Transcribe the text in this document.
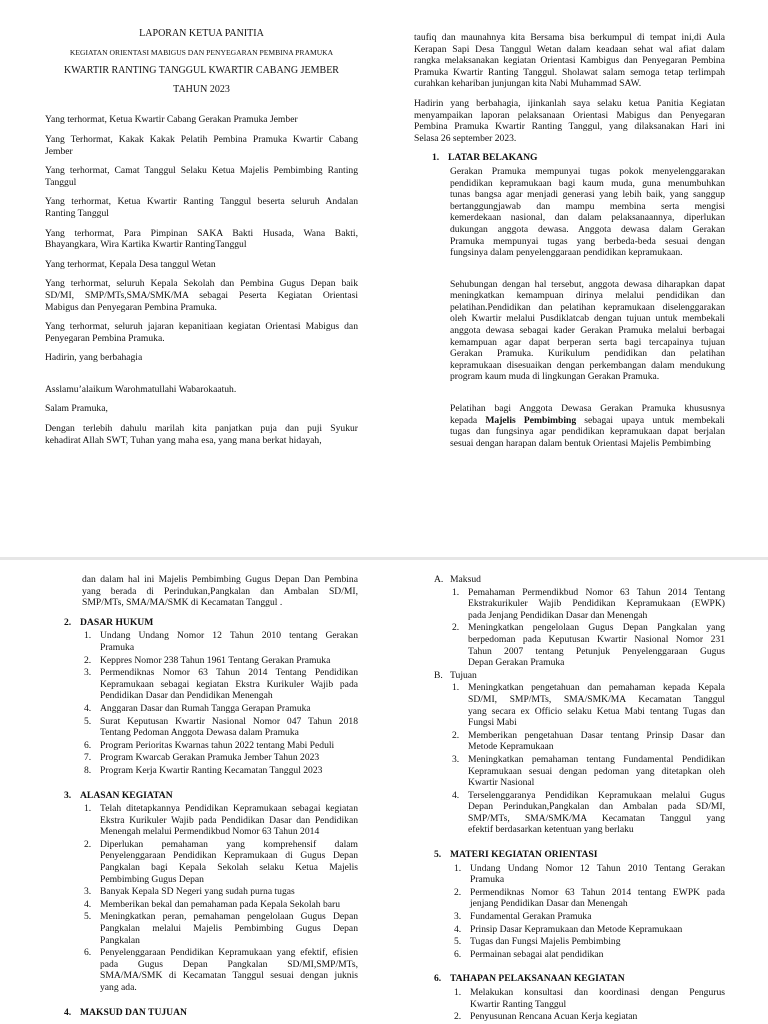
LAPORAN KETUA PANITIA
KEGIATAN ORIENTASI MABIGUS DAN PENYEGARAN PEMBINA PRAMUKA
KWARTIR RANTING TANGGUL KWARTIR CABANG JEMBER
TAHUN 2023
Yang terhormat, Ketua Kwartir Cabang Gerakan Pramuka Jember
Yang Terhormat, Kakak Kakak Pelatih Pembina Pramuka Kwartir Cabang
Jember
Yang terhormat, Camat Tanggul Selaku Ketua Majelis Pembimbing Ranting
Tanggul
Yang terhormat, Ketua Kwartir Ranting Tanggul beserta seluruh Andalan
Ranting Tanggul
Yang terhormat, Para Pimpinan SAKA Bakti Husada, Wana Bakti,
Bhayangkara, Wira Kartika Kwartir RantingTanggul
Yang terhormat, Kepala Desa tanggul Wetan
Yang terhormat, seluruh Kepala Sekolah dan Pembina Gugus Depan baik
SD/MI, SMP/MTs,SMA/SMK/MA sebagai Peserta Kegiatan Orientasi
Mabigus dan Penyegaran Pembina Pramuka.
Yang terhormat, seluruh jajaran kepanitiaan kegiatan Orientasi Mabigus dan
Penyegaran Pembina Pramuka.
Hadirin, yang berbahagia
Asslamu’alaikum Warohmatullahi Wabarokaatuh.
Salam Pramuka,
Dengan terlebih dahulu marilah kita panjatkan puja dan puji Syukur
kehadirat Allah SWT, Tuhan yang maha esa, yang mana berkat hidayah,
taufiq dan maunahnya kita Bersama bisa berkumpul di tempat ini,di Aula
Kerapan Sapi Desa Tanggul Wetan dalam keadaan sehat wal afiat dalam
rangka melaksanakan kegiatan Orientasi Kambigus dan Penyegaran Pembina
Pramuka Kwartir Ranting Tanggul. Sholawat salam semoga tetap terlimpah
curahkan kehariban junjungan kita Nabi Muhammad SAW.
Hadirin yang berbahagia, ijinkanlah saya selaku ketua Panitia Kegiatan
menyampaikan laporan pelaksanaan Orientasi Mabigus dan Penyegaran
Pembina Pramuka Kwartir Ranting Tanggul, yang dilaksanakan Hari ini
Selasa 26 september 2023.
1. LATAR BELAKANG
Gerakan Pramuka mempunyai tugas pokok menyelenggarakan
pendidikan kepramukaan bagi kaum muda, guna menumbuhkan
tunas bangsa agar menjadi generasi yang lebih baik, yang sanggup
bertanggungjawab dan mampu membina serta mengisi
kemerdekaan nasional, dan dalam pelaksanaannya, diperlukan
dukungan anggota dewasa. Anggota dewasa dalam Gerakan
Pramuka mempunyai tugas yang berbeda-beda sesuai dengan
fungsinya dalam penyelenggaraan pendidikan kepramukaan.
Sehubungan dengan hal tersebut, anggota dewasa diharapkan dapat
meningkatkan kemampuan dirinya melalui pendidikan dan
pelatihan.Pendidikan dan pelatihan kepramukaan diselenggarakan
oleh Kwartir melalui Pusdiklatcab dengan tujuan untuk membekali
anggota dewasa sebagai kader Gerakan Pramuka melalui berbagai
kemampuan agar dapat berperan serta bagi tercapainya tujuan
Gerakan Pramuka. Kurikulum pendidikan dan pelatihan
kepramukaan disesuaikan dengan perkembangan dalam mendukung
program kaum muda di lingkungan Gerakan Pramuka.
Pelatihan bagi Anggota Dewasa Gerakan Pramuka khususnya
kepada Majelis Pembimbing sebagai upaya untuk membekali
tugas dan fungsinya agar pendidikan kepramukaan dapat berjalan
sesuai dengan harapan dalam bentuk Orientasi Majelis Pembimbing
dan dalam hal ini Majelis Pembimbing Gugus Depan Dan Pembina
yang berada di Perindukan,Pangkalan dan Ambalan SD/MI,
SMP/MTs, SMA/MA/SMK di Kecamatan Tanggul .
2. DASAR HUKUM
1. Undang Undang Nomor 12 Tahun 2010 tentang Gerakan
Pramuka
2. Keppres Nomor 238 Tahun 1961 Tentang Gerakan Pramuka
3. Permendiknas Nomor 63 Tahun 2014 Tentang Pendidikan
Kepramukaan sebagai kegiatan Ekstra Kurikuler Wajib pada
Pendidikan Dasar dan Pendidikan Menengah
4. Anggaran Dasar dan Rumah Tangga Gerapan Pramuka
5. Surat Keputusan Kwartir Nasional Nomor 047 Tahun 2018
Tentang Pedoman Anggota Dewasa dalam Pramuka
6. Program Perioritas Kwarnas tahun 2022 tentang Mabi Peduli
7. Program Kwarcab Gerakan Pramuka Jember Tahun 2023
8. Program Kerja Kwartir Ranting Kecamatan Tanggul 2023
3. ALASAN KEGIATAN
1. Telah ditetapkannya Pendidikan Kepramukaan sebagai kegiatan
Ekstra Kurikuler Wajib pada Pendidikan Dasar dan Pendidikan
Menengah melalui Permendikbud Nomor 63 Tahun 2014
2. Diperlukan pemahaman yang komprehensif dalam
Penyelenggaraan Pendidikan Kepramukaan di Gugus Depan
Pangkalan bagi Kepala Sekolah selaku Ketua Majelis
Pembimbing Gugus Depan
3. Banyak Kepala SD Negeri yang sudah purna tugas
4. Memberikan bekal dan pemahaman pada Kepala Sekolah baru
5. Meningkatkan peran, pemahaman pengelolaan Gugus Depan
Pangkalan melalui Majelis Pembimbing Gugus Depan
Pangkalan
6. Penyelenggaraan Pendidikan Kepramukaan yang efektif, efisien
pada Gugus Depan Pangkalan SD/MI,SMP/MTs,
SMA/MA/SMK di Kecamatan Tanggul sesuai dengan juknis
yang ada.
4. MAKSUD DAN TUJUAN
A. Maksud
1. Pemahaman Permendikbud Nomor 63 Tahun 2014 Tentang
Ekstrakurikuler Wajib Pendidikan Kepramukaan (EWPK)
pada Jenjang Pendidikan Dasar dan Menengah
2. Meningkatkan pengelolaan Gugus Depan Pangkalan yang
berpedoman pada Keputusan Kwartir Nasional Nomor 231
Tahun 2007 tentang Petunjuk Penyelenggaraan Gugus
Depan Gerakan Pramuka
B. Tujuan
1. Meningkatkan pengetahuan dan pemahaman kepada Kepala
SD/MI, SMP/MTs, SMA/SMK/MA Kecamatan Tanggul
yang secara ex Officio selaku Ketua Mabi tentang Tugas dan
Fungsi Mabi
2. Memberikan pengetahuan Dasar tentang Prinsip Dasar dan
Metode Kepramukaan
3. Meningkatkan pemahaman tentang Fundamental Pendidikan
Kepramukaan sesuai dengan pedoman yang ditetapkan oleh
Kwartir Nasional
4. Terselenggaranya Pendidikan Kepramukaan melalui Gugus
Depan Perindukan,Pangkalan dan Ambalan pada SD/MI,
SMP/MTs, SMA/SMK/MA Kecamatan Tanggul yang
efektif berdasarkan ketentuan yang berlaku
5. MATERI KEGIATAN ORIENTASI
1. Undang Undang Nomor 12 Tahun 2010 Tentang Gerakan
Pramuka
2. Permendiknas Nomor 63 Tahun 2014 tentang EWPK pada
jenjang Pendidikan Dasar dan Menengah
3. Fundamental Gerakan Pramuka
4. Prinsip Dasar Kepramukaan dan Metode Kepramukaan
5. Tugas dan Fungsi Majelis Pembimbing
6. Permainan sebagai alat pendidikan
6. TAHAPAN PELAKSANAAN KEGIATAN
1. Melakukan konsultasi dan koordinasi dengan Pengurus
Kwartir Ranting Tanggul
2. Penyusunan Rencana Acuan Kerja kegiatan
